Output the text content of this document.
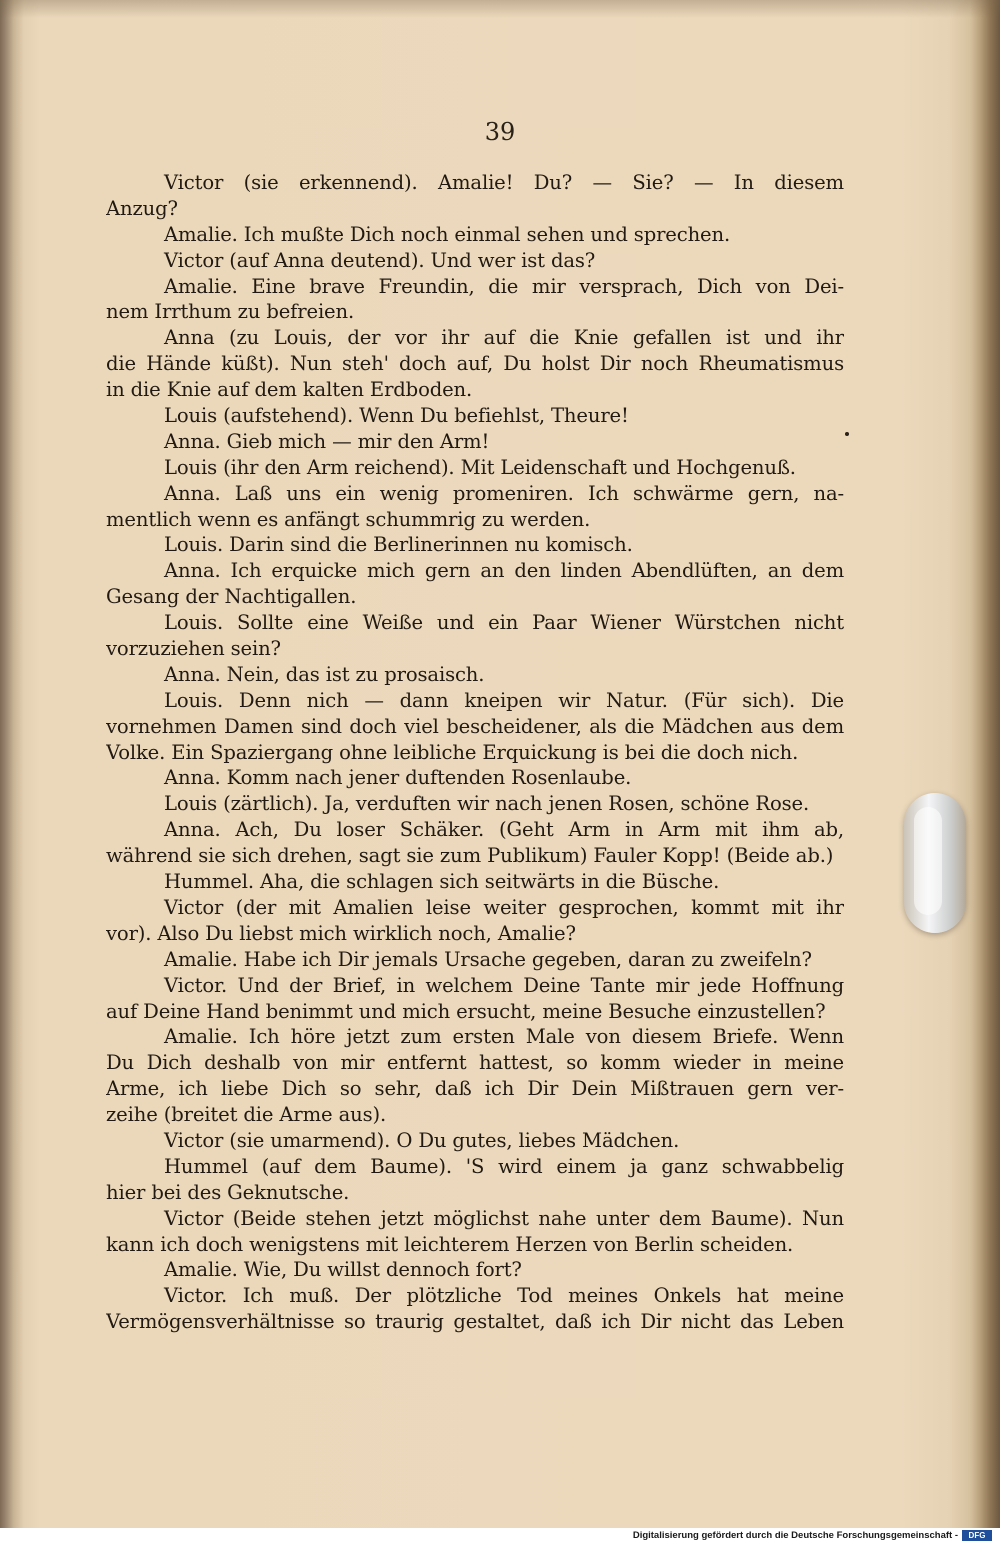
39
Victor (sie erkennend). Amalie! Du? — Sie? — In diesem
Anzug?
Amalie. Ich mußte Dich noch einmal sehen und sprechen.
Victor (auf Anna deutend). Und wer ist das?
Amalie. Eine brave Freundin, die mir versprach, Dich von Dei-
nem Irrthum zu befreien.
Anna (zu Louis, der vor ihr auf die Knie gefallen ist und ihr
die Hände küßt). Nun steh' doch auf, Du holst Dir noch Rheumatismus
in die Knie auf dem kalten Erdboden.
Louis (aufstehend). Wenn Du befiehlst, Theure!
Anna. Gieb mich — mir den Arm!
Louis (ihr den Arm reichend). Mit Leidenschaft und Hochgenuß.
Anna. Laß uns ein wenig promeniren. Ich schwärme gern, na-
mentlich wenn es anfängt schummrig zu werden.
Louis. Darin sind die Berlinerinnen nu komisch.
Anna. Ich erquicke mich gern an den linden Abendlüften, an dem
Gesang der Nachtigallen.
Louis. Sollte eine Weiße und ein Paar Wiener Würstchen nicht
vorzuziehen sein?
Anna. Nein, das ist zu prosaisch.
Louis. Denn nich — dann kneipen wir Natur. (Für sich). Die
vornehmen Damen sind doch viel bescheidener, als die Mädchen aus dem
Volke. Ein Spaziergang ohne leibliche Erquickung is bei die doch nich.
Anna. Komm nach jener duftenden Rosenlaube.
Louis (zärtlich). Ja, verduften wir nach jenen Rosen, schöne Rose.
Anna. Ach, Du loser Schäker. (Geht Arm in Arm mit ihm ab,
während sie sich drehen, sagt sie zum Publikum) Fauler Kopp! (Beide ab.)
Hummel. Aha, die schlagen sich seitwärts in die Büsche.
Victor (der mit Amalien leise weiter gesprochen, kommt mit ihr
vor). Also Du liebst mich wirklich noch, Amalie?
Amalie. Habe ich Dir jemals Ursache gegeben, daran zu zweifeln?
Victor. Und der Brief, in welchem Deine Tante mir jede Hoffnung
auf Deine Hand benimmt und mich ersucht, meine Besuche einzustellen?
Amalie. Ich höre jetzt zum ersten Male von diesem Briefe. Wenn
Du Dich deshalb von mir entfernt hattest, so komm wieder in meine
Arme, ich liebe Dich so sehr, daß ich Dir Dein Mißtrauen gern ver-
zeihe (breitet die Arme aus).
Victor (sie umarmend). O Du gutes, liebes Mädchen.
Hummel (auf dem Baume). 'S wird einem ja ganz schwabbelig
hier bei des Geknutsche.
Victor (Beide stehen jetzt möglichst nahe unter dem Baume). Nun
kann ich doch wenigstens mit leichterem Herzen von Berlin scheiden.
Amalie. Wie, Du willst dennoch fort?
Victor. Ich muß. Der plötzliche Tod meines Onkels hat meine
Vermögensverhältnisse so traurig gestaltet, daß ich Dir nicht das Leben
Digitalisierung gefördert durch die Deutsche Forschungsgemeinschaft -	DFG
